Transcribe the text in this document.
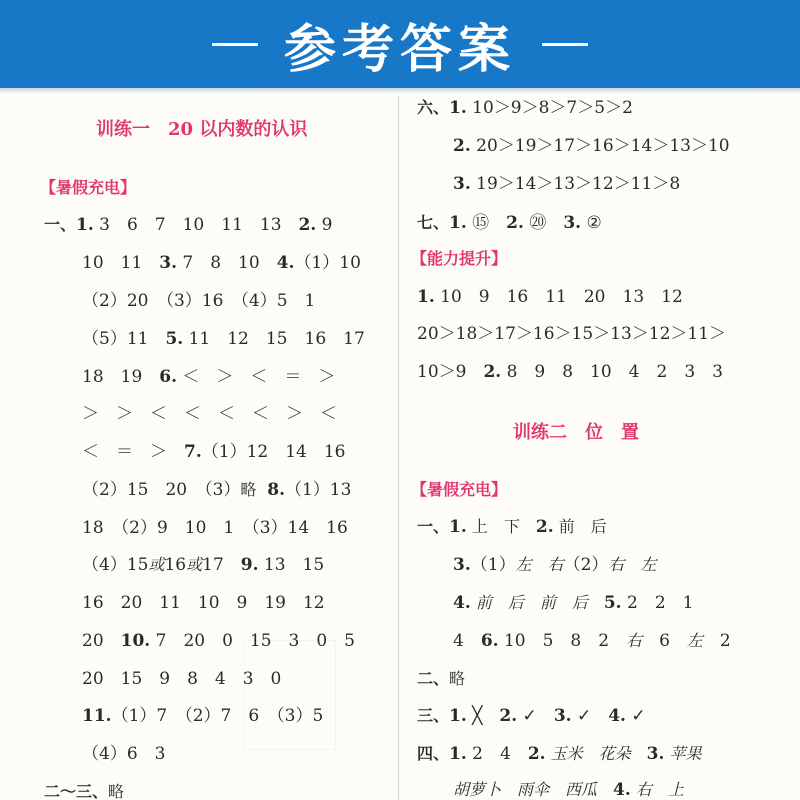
参考答案
训练一　20 以内数的认识
【暑假充电】
一、1. 3　6　7　10　11　13　2. 9
10　11　3. 7　8　10　4.（1）10
（2）20　（3）16　（4）5　1
（5）11　5. 11　12　15　16　17
18　19　6. ＜　＞　＜　＝　＞
＞　＞　＜　＜　＜　＜　＞　＜
＜　＝　＞　7.（1）12　14　16
（2）15　20　（3）略 8.（1）13
18　（2）9　10　1　（3）14　16
（4）15或16或17　9. 13　15
16　20　11　10　9　19　12
20　10. 7　20　0　15　3　0　5
20　15　9　8　4　3　0
11.（1）7　（2）7　6　（3）5
（4）6　3
二～三、略
六、1. 10＞9＞8＞7＞5＞2
2. 20＞19＞17＞16＞14＞13＞10
3. 19＞14＞13＞12＞11＞8
七、1. ⑮　2. ⑳　3. ②
【能力提升】
1. 10　9　16　11　20　13　12
20＞18＞17＞16＞15＞13＞12＞11＞
10＞9　2. 8　9　8　10　4　2　3　3
训练二　位　置
【暑假充电】
一、1. 上　下　2. 前　后
3.（1）左　右（2）右　左
4. 前　后　前　后　5. 2　2　1
4　6. 10　5　8　2　右　6　左　2
二、略
三、1. ╳　2. ✓　3. ✓　4. ✓
四、1. 2　4　2. 玉米　花朵　3. 苹果
胡萝卜　雨伞　西瓜　4. 右　上
